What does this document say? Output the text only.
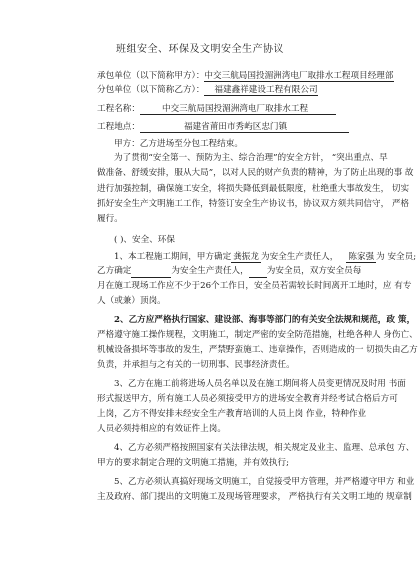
班组安全、环保及文明安全生产协议
承包单位（以下简称甲方）：中交三航局国投湄洲湾电厂取排水工程项目经理部
分包单位（以下简称乙方）： 福建鑫祥建设工程有限公司
工程名称：	中交三航局国投湄洲湾电厂取排水工程
工程地点：	福建省莆田市秀屿区忠门镇
甲方：乙方进场至分包工程结束。
为了贯彻“安全第一、预防为主、综合治理”的安全方针， “突出重点、早
做准备、舒缓安排，服从大局”，以对人民的财产负责的精神，为了防止出现的事 故
进行加强控制，确保施工安全，将损失降低到最低限度，杜绝重大事故发生， 切实
抓好安全生产文明施工工作，特签订安全生产协议书，协议双方须共同信守， 严格
履行。
( )、安全、环保
1、本工程施工期间，甲方确定 龚振龙 为安全生产责任人， 陈家强 为 安全员;
乙方确定	为安全生产责任人， 为安全员，双方安全员每
月在施工现场工作应不少于26个工作日，安全员若需较长时间离开工地时，应 有专
人（或兼）顶岗。
2、乙方应严格执行国家、建设部、海事等部门的有关安全法规和规范，政 策，
严格遵守施工操作规程，文明施工，制定严密的安全防范措施，杜绝各种人 身伤亡、
机械设备损坏等事故的发生，严禁野蛮施工、违章操作，否则造成的一 切损失由乙方
负责，并承担与之有关的一切刑事、民事经济责任。
3、乙方在施工前将进场人员名单以及在施工期间将人员变更情况及时用 书面
形式报送甲方，所有施工人员必须接受甲方的进场安全教育并经考试合格后方可
上岗，乙方不得安排未经安全生产教育培训的人员上岗 作业，特种作业
人员必须持相应的有效证件上岗。
4、乙方必须严格按照国家有关法律法规，相关规定及业主、监理、总承包 方、
甲方的要求制定合理的文明施工措施，并有效执行;
5、乙方必须认真搞好现场文明施工，自觉接受甲方管理，并严格遵守甲方 和业
主及政府、部门提出的文明施工及现场管理要求， 严格执行有关文明工地的 规章制
